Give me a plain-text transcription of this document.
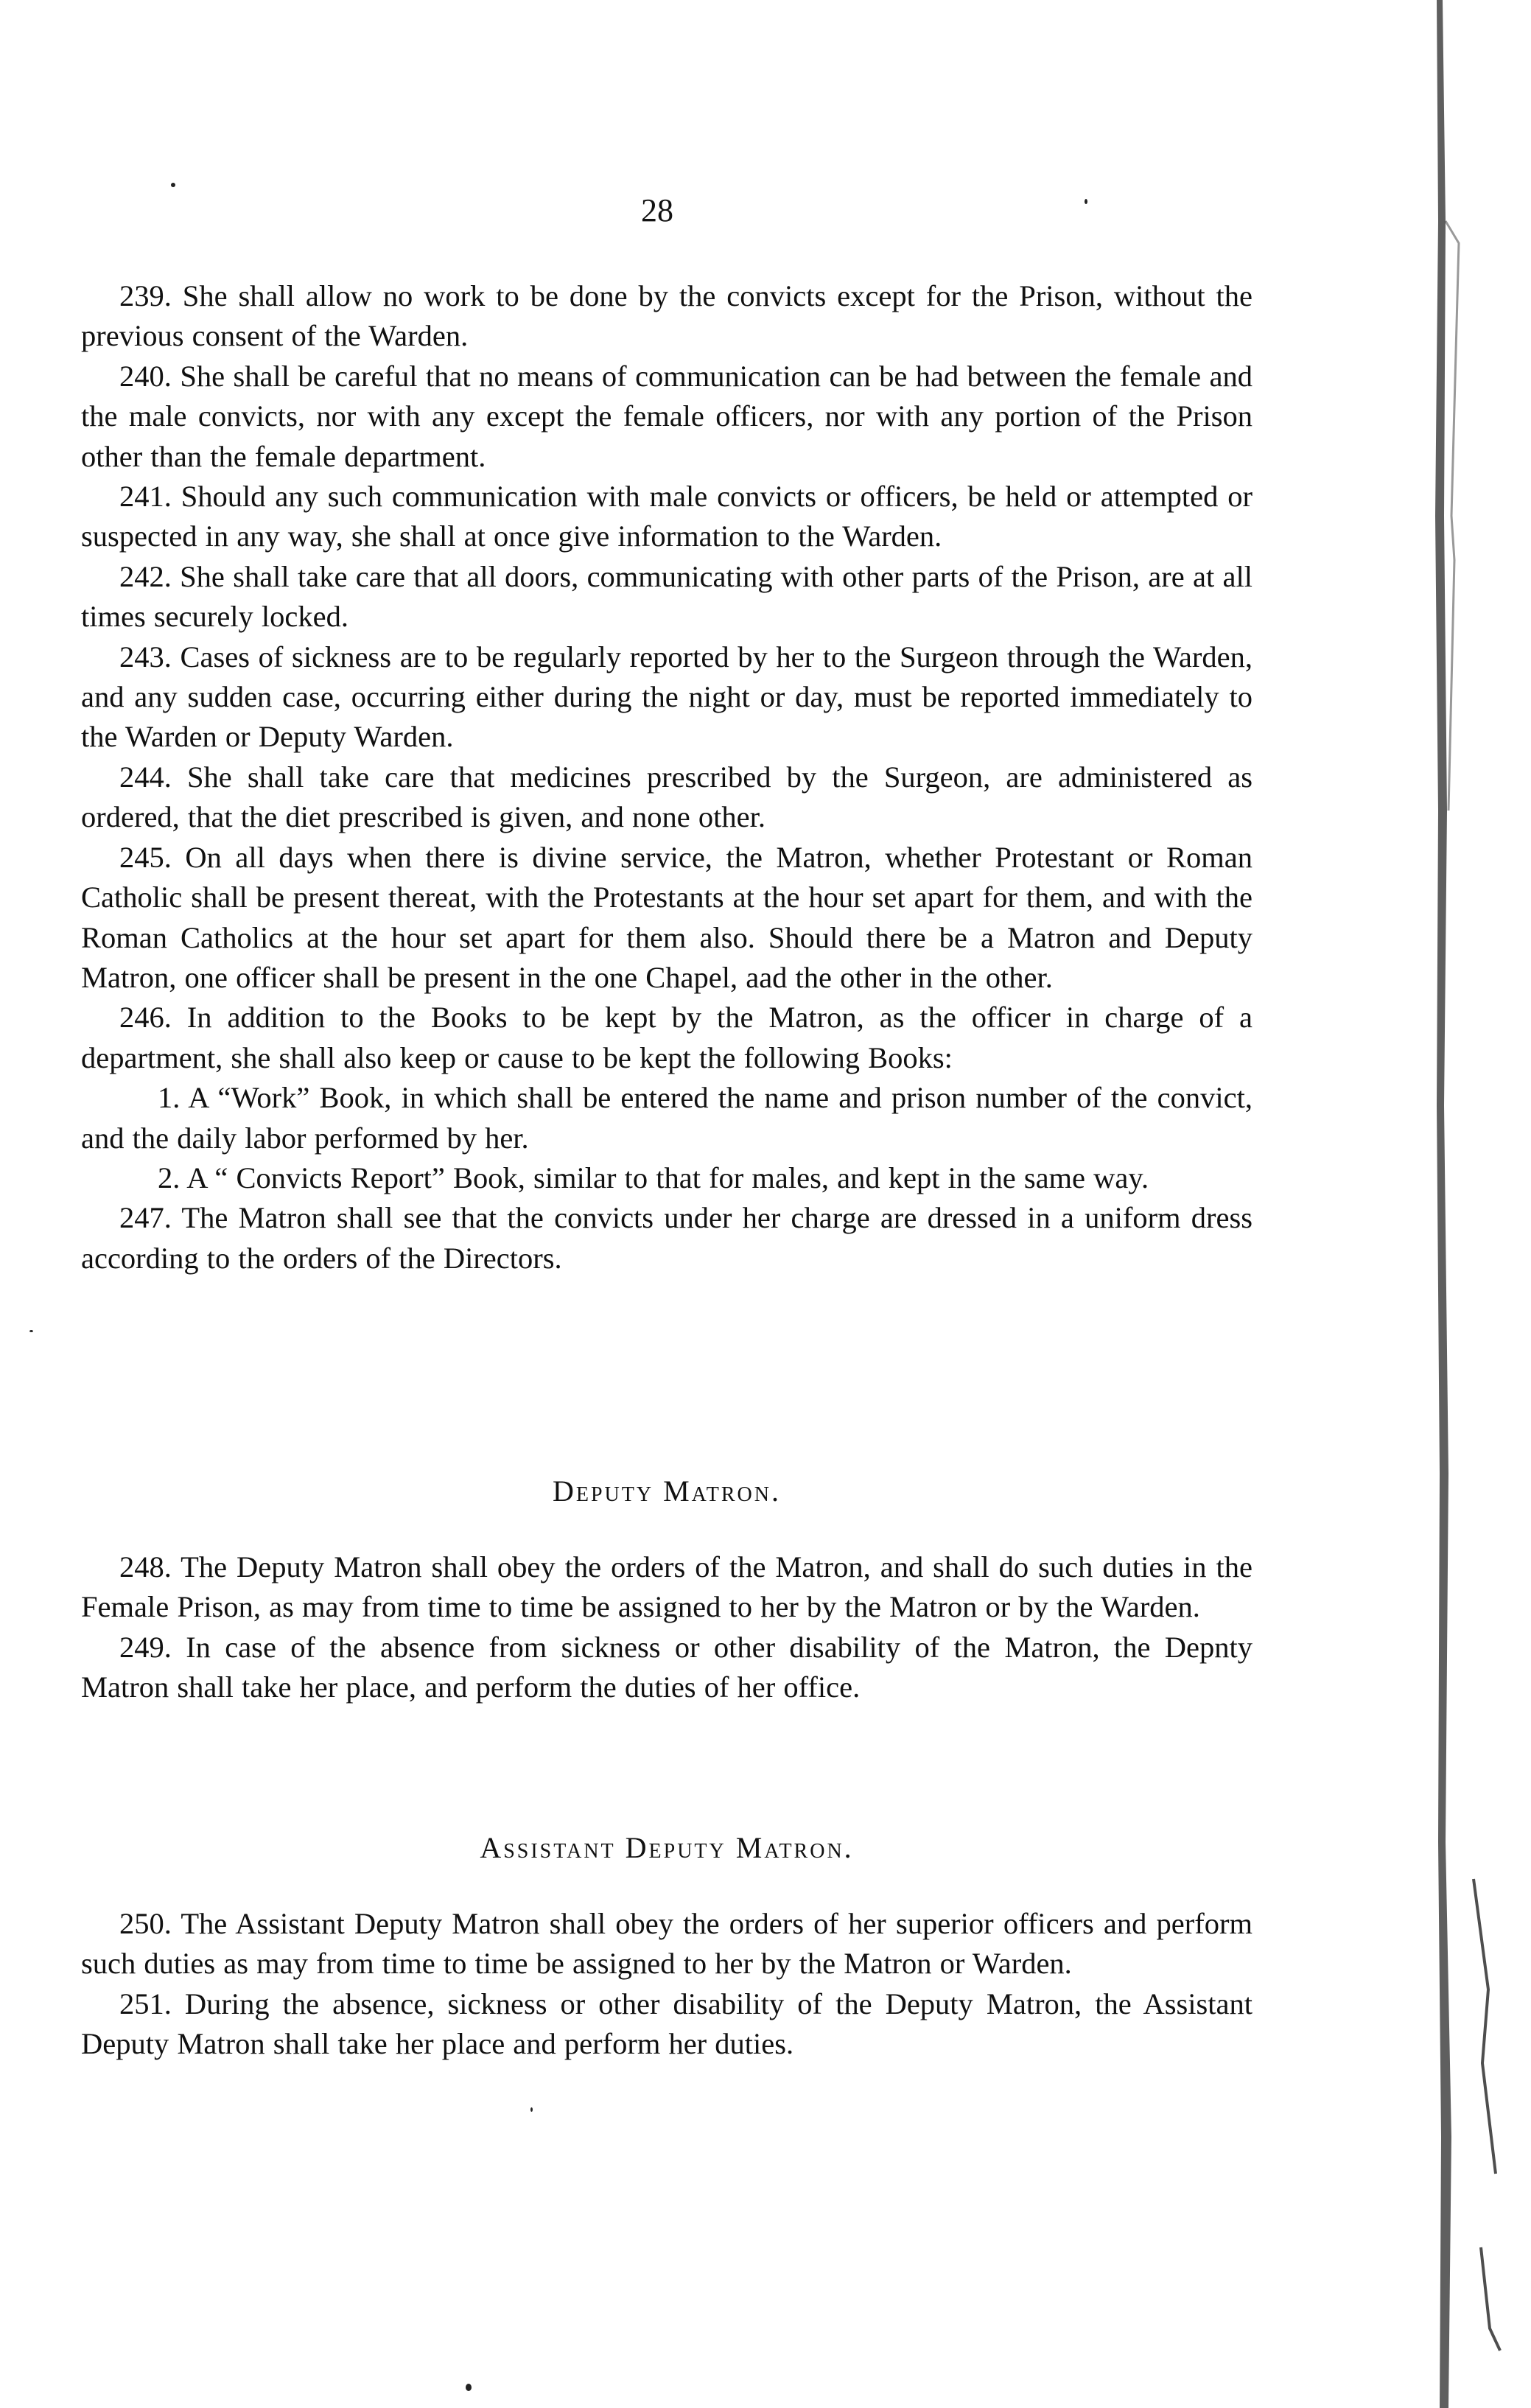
28

239. She shall allow no work to be done by the convicts except for the Prison, without the previous consent of the Warden.

240. She shall be careful that no means of communication can be had between the female and the male convicts, nor with any except the female officers, nor with any portion of the Prison other than the female department.

241. Should any such communication with male convicts or officers, be held or attempted or suspected in any way, she shall at once give information to the Warden.

242. She shall take care that all doors, communicating with other parts of the Prison, are at all times securely locked.

243. Cases of sickness are to be regularly reported by her to the Surgeon through the Warden, and any sudden case, occurring either during the night or day, must be reported immediately to the Warden or Deputy Warden.

244. She shall take care that medicines prescribed by the Surgeon, are administered as ordered, that the diet prescribed is given, and none other.

245. On all days when there is divine service, the Matron, whether Protestant or Roman Catholic shall be present thereat, with the Protestants at the hour set apart for them, and with the Roman Catholics at the hour set apart for them also. Should there be a Matron and Deputy Matron, one officer shall be present in the one Chapel, aad the other in the other.

246. In addition to the Books to be kept by the Matron, as the officer in charge of a department, she shall also keep or cause to be kept the following Books:

1. A “Work” Book, in which shall be entered the name and prison number of the convict, and the daily labor performed by her.

2. A “ Convicts Report” Book, similar to that for males, and kept in the same way.

247. The Matron shall see that the convicts under her charge are dressed in a uniform dress according to the orders of the Directors.

Deputy Matron.

248. The Deputy Matron shall obey the orders of the Matron, and shall do such duties in the Female Prison, as may from time to time be assigned to her by the Matron or by the Warden.

249. In case of the absence from sickness or other disability of the Matron, the Depnty Matron shall take her place, and perform the duties of her office.

Assistant Deputy Matron.

250. The Assistant Deputy Matron shall obey the orders of her superior officers and perform such duties as may from time to time be assigned to her by the Matron or Warden.

251. During the absence, sickness or other disability of the Deputy Matron, the Assistant Deputy Matron shall take her place and perform her duties.
